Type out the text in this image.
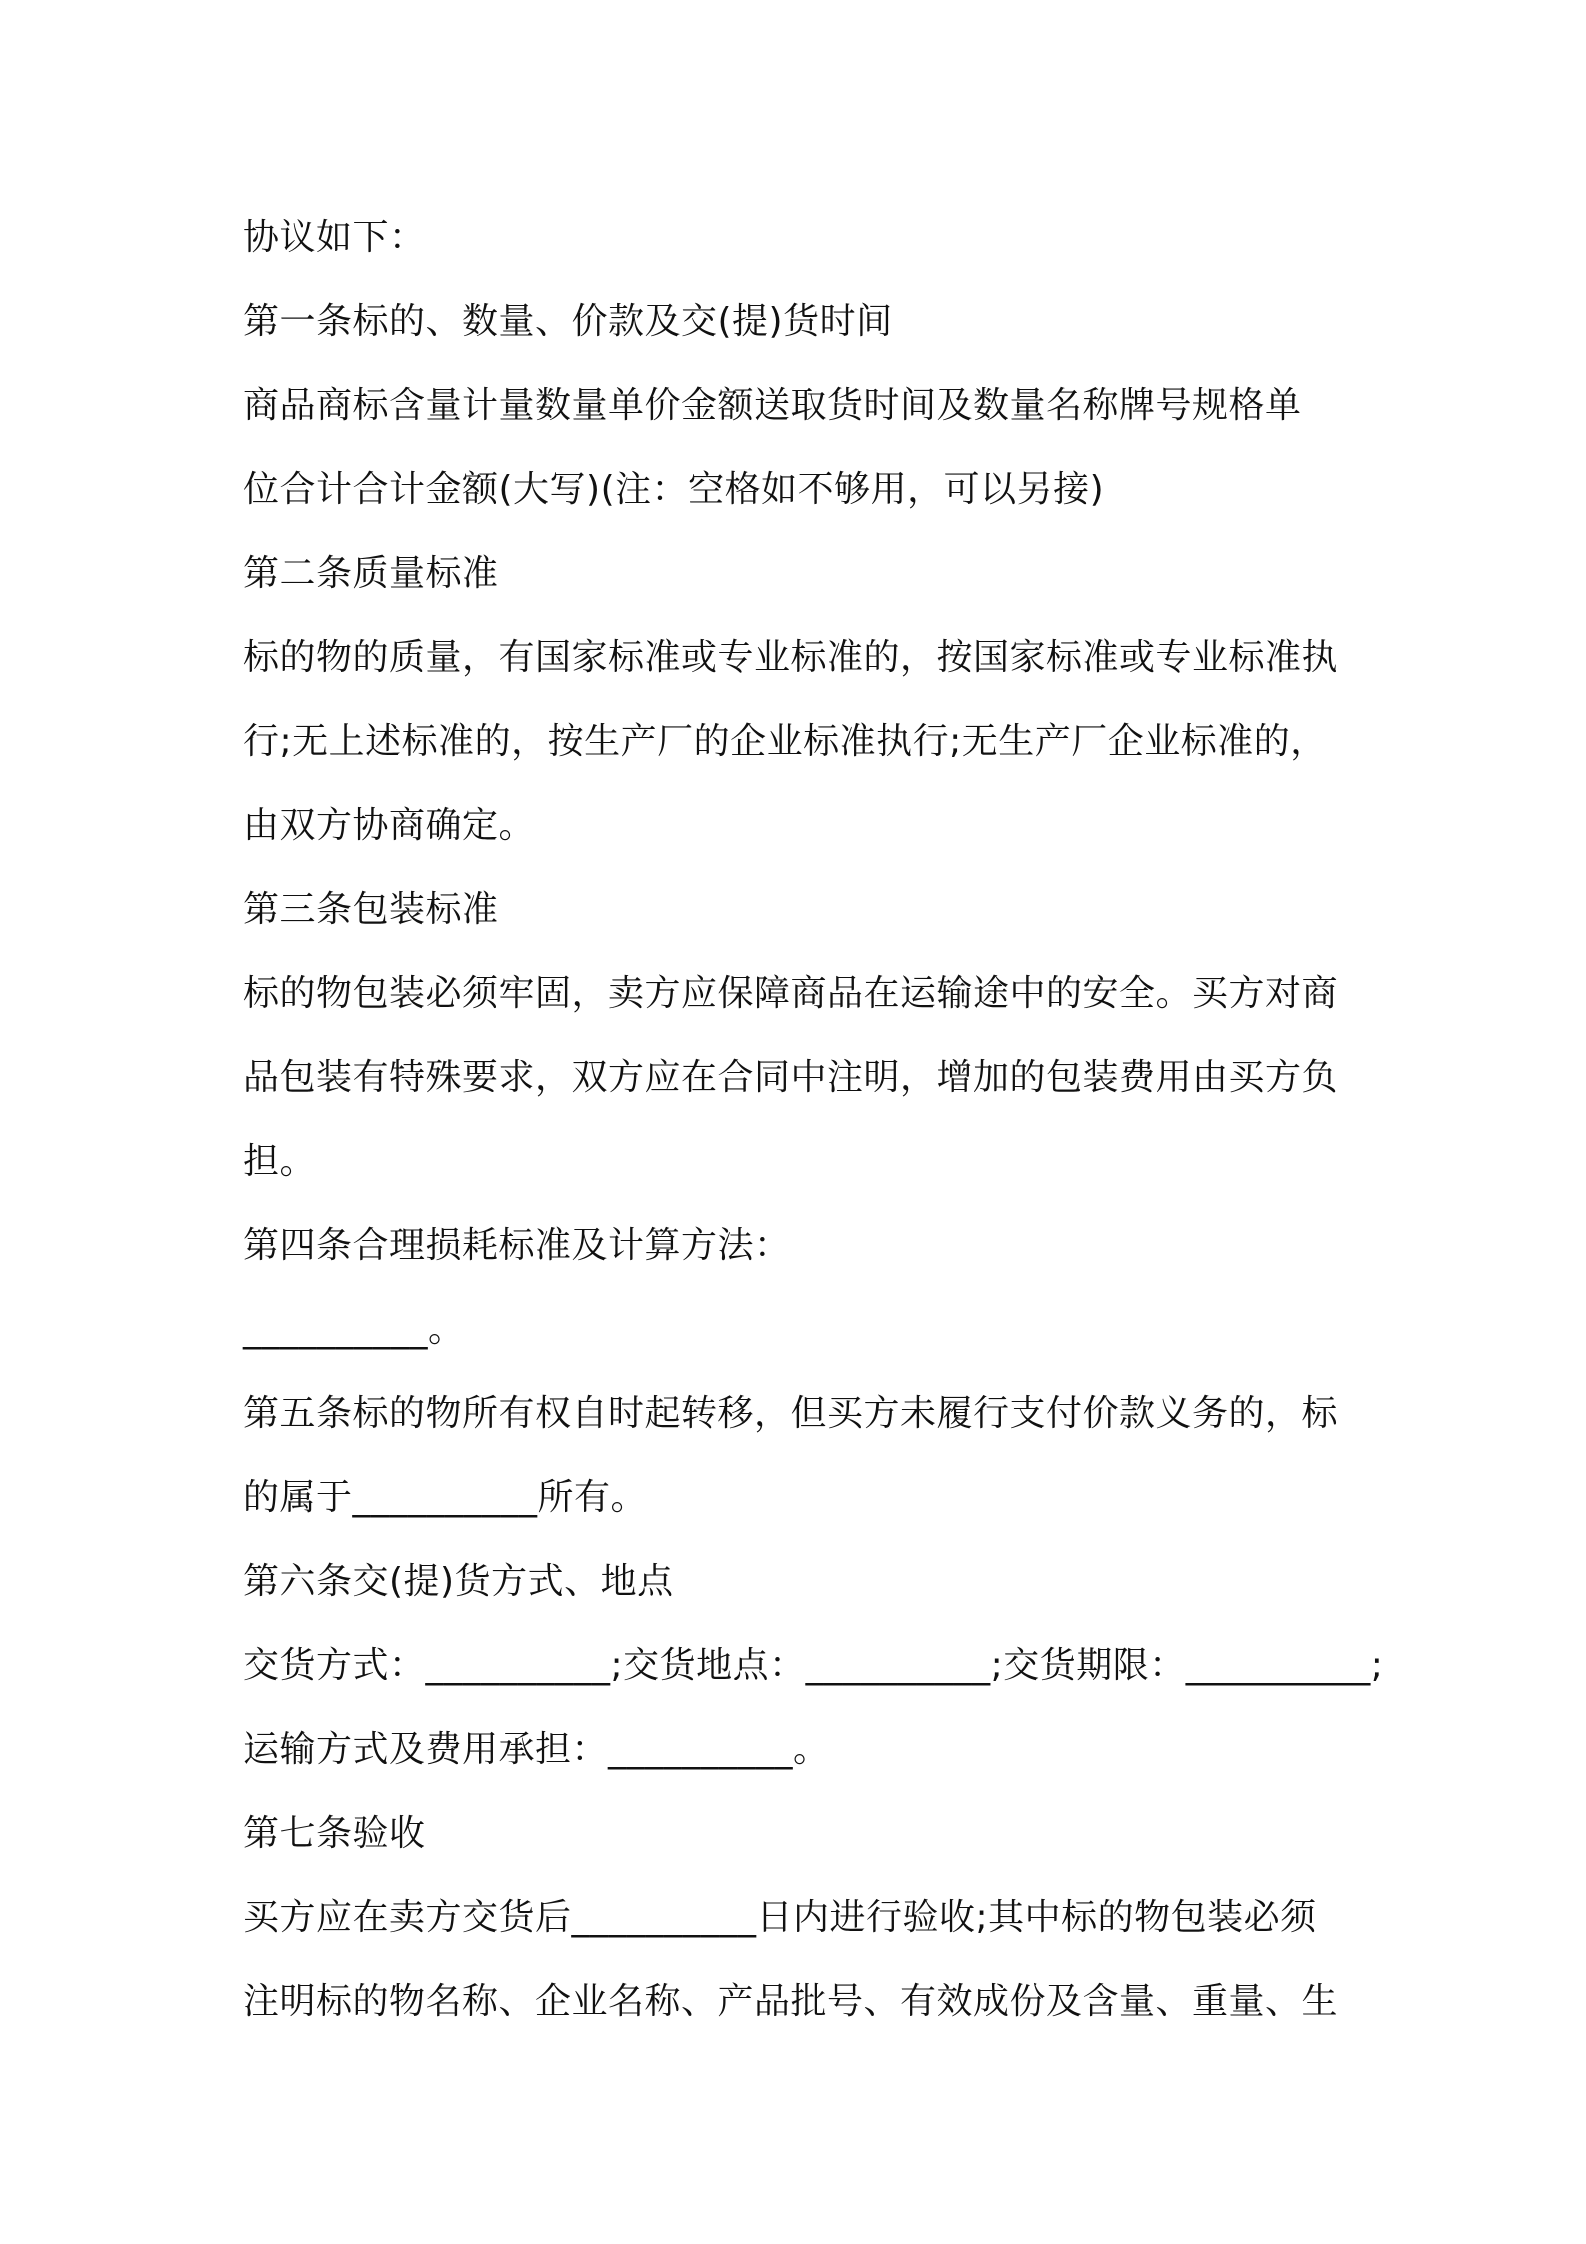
协议如下：
第一条标的、数量、价款及交(提)货时间
商品商标含量计量数量单价金额送取货时间及数量名称牌号规格单
位合计合计金额(大写)(注：空格如不够用，可以另接)
第二条质量标准
标的物的质量，有国家标准或专业标准的，按国家标准或专业标准执
行;无上述标准的，按生产厂的企业标准执行;无生产厂企业标准的，
由双方协商确定。
第三条包装标准
标的物包装必须牢固，卖方应保障商品在运输途中的安全。买方对商
品包装有特殊要求，双方应在合同中注明，增加的包装费用由买方负
担。
第四条合理损耗标准及计算方法：
__________。
第五条标的物所有权自时起转移，但买方未履行支付价款义务的，标
的属于__________所有。
第六条交(提)货方式、地点
交货方式：__________;交货地点：__________;交货期限：__________;
运输方式及费用承担：__________。
第七条验收
买方应在卖方交货后__________日内进行验收;其中标的物包装必须
注明标的物名称、企业名称、产品批号、有效成份及含量、重量、生
